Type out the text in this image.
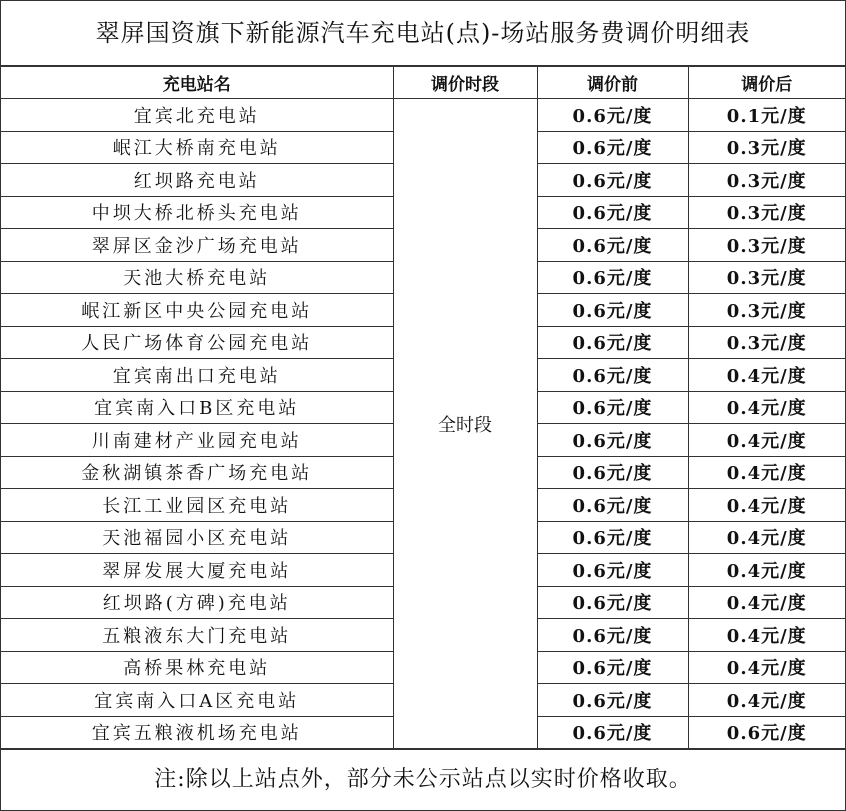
翠屏国资旗下新能源汽车充电站(点)-场站服务费调价明细表
充电站名	调价时段	调价前	调价后
宜宾北充电站	全时段	0.6元/度	0.1元/度
岷江大桥南充电站		0.6元/度	0.3元/度
红坝路充电站		0.6元/度	0.3元/度
中坝大桥北桥头充电站		0.6元/度	0.3元/度
翠屏区金沙广场充电站		0.6元/度	0.3元/度
天池大桥充电站		0.6元/度	0.3元/度
岷江新区中央公园充电站		0.6元/度	0.3元/度
人民广场体育公园充电站		0.6元/度	0.3元/度
宜宾南出口充电站		0.6元/度	0.4元/度
宜宾南入口B区充电站		0.6元/度	0.4元/度
川南建材产业园充电站		0.6元/度	0.4元/度
金秋湖镇茶香广场充电站		0.6元/度	0.4元/度
长江工业园区充电站		0.6元/度	0.4元/度
天池福园小区充电站		0.6元/度	0.4元/度
翠屏发展大厦充电站		0.6元/度	0.4元/度
红坝路(方碑)充电站		0.6元/度	0.4元/度
五粮液东大门充电站		0.6元/度	0.4元/度
高桥果林充电站		0.6元/度	0.4元/度
宜宾南入口A区充电站		0.6元/度	0.4元/度
宜宾五粮液机场充电站		0.6元/度	0.6元/度
注:除以上站点外，部分未公示站点以实时价格收取。
